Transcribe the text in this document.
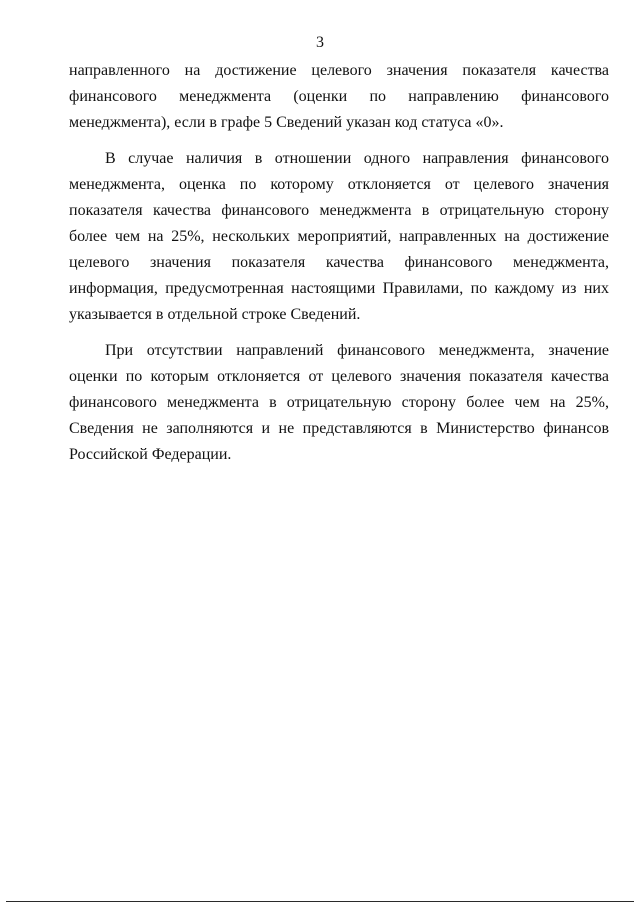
3

направленного на достижение целевого значения показателя качества финансового менеджмента (оценки по направлению финансового менеджмента), если в графе 5 Сведений указан код статуса «0».

В случае наличия в отношении одного направления финансового менеджмента, оценка по которому отклоняется от целевого значения показателя качества финансового менеджмента в отрицательную сторону более чем на 25%, нескольких мероприятий, направленных на достижение целевого значения показателя качества финансового менеджмента, информация, предусмотренная настоящими Правилами, по каждому из них указывается в отдельной строке Сведений.

При отсутствии направлений финансового менеджмента, значение оценки по которым отклоняется от целевого значения показателя качества финансового менеджмента в отрицательную сторону более чем на 25%, Сведения не заполняются и не представляются в Министерство финансов Российской Федерации.
